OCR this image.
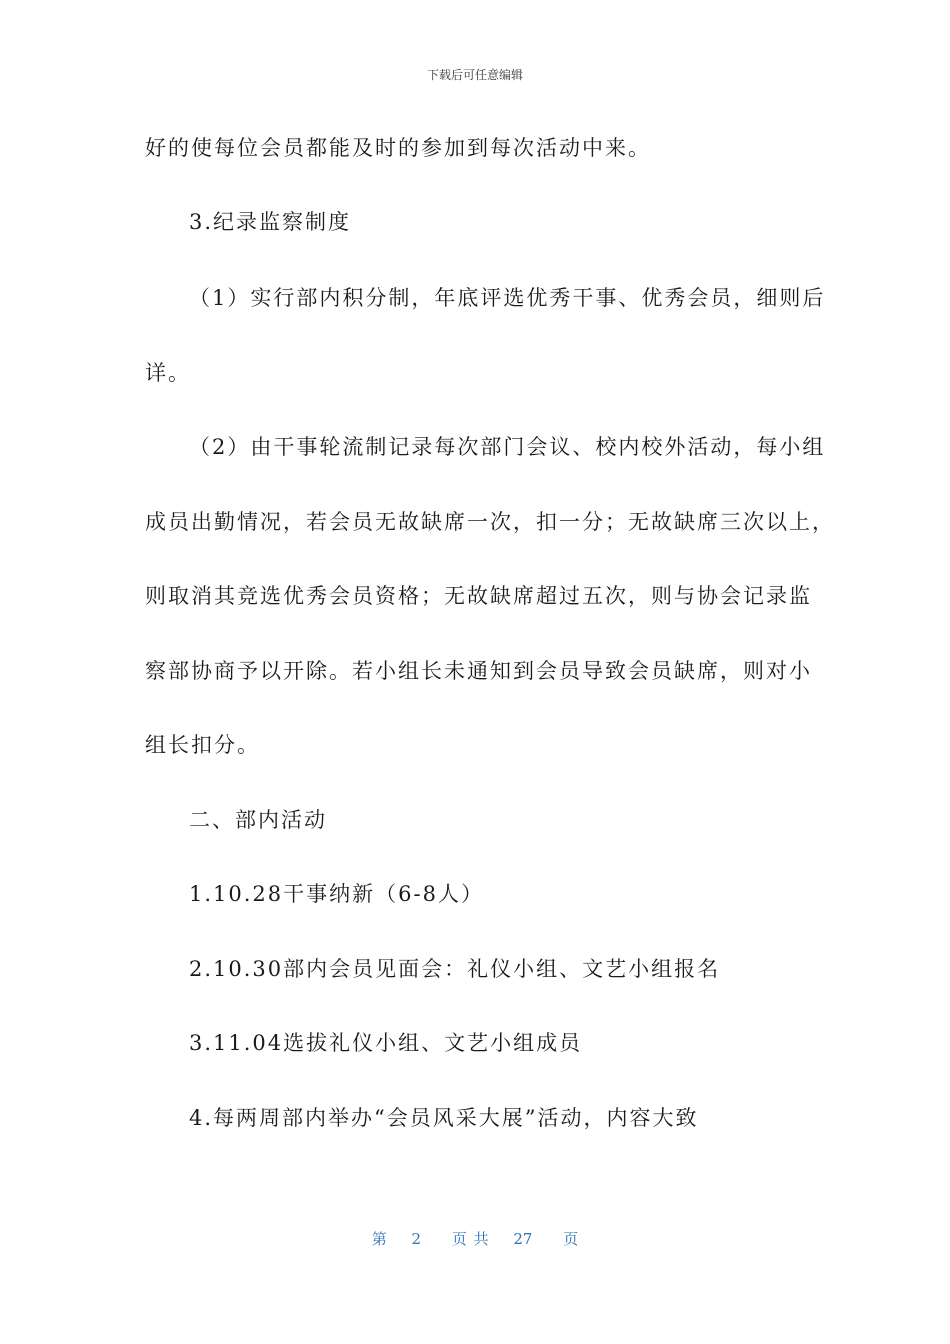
下载后可任意编辑
好的使每位会员都能及时的参加到每次活动中来。
3.纪录监察制度
（1）实行部内积分制，年底评选优秀干事、优秀会员，细则后
详。
（2）由干事轮流制记录每次部门会议、校内校外活动，每小组
成员出勤情况，若会员无故缺席一次，扣一分；无故缺席三次以上，
则取消其竞选优秀会员资格；无故缺席超过五次，则与协会记录监
察部协商予以开除。若小组长未通知到会员导致会员缺席，则对小
组长扣分。
二、部内活动
1.10.28干事纳新（6-8人）
2.10.30部内会员见面会：礼仪小组、文艺小组报名
3.11.04选拔礼仪小组、文艺小组成员
4.每两周部内举办“会员风采大展”活动，内容大致
第 2 页 共 27 页
